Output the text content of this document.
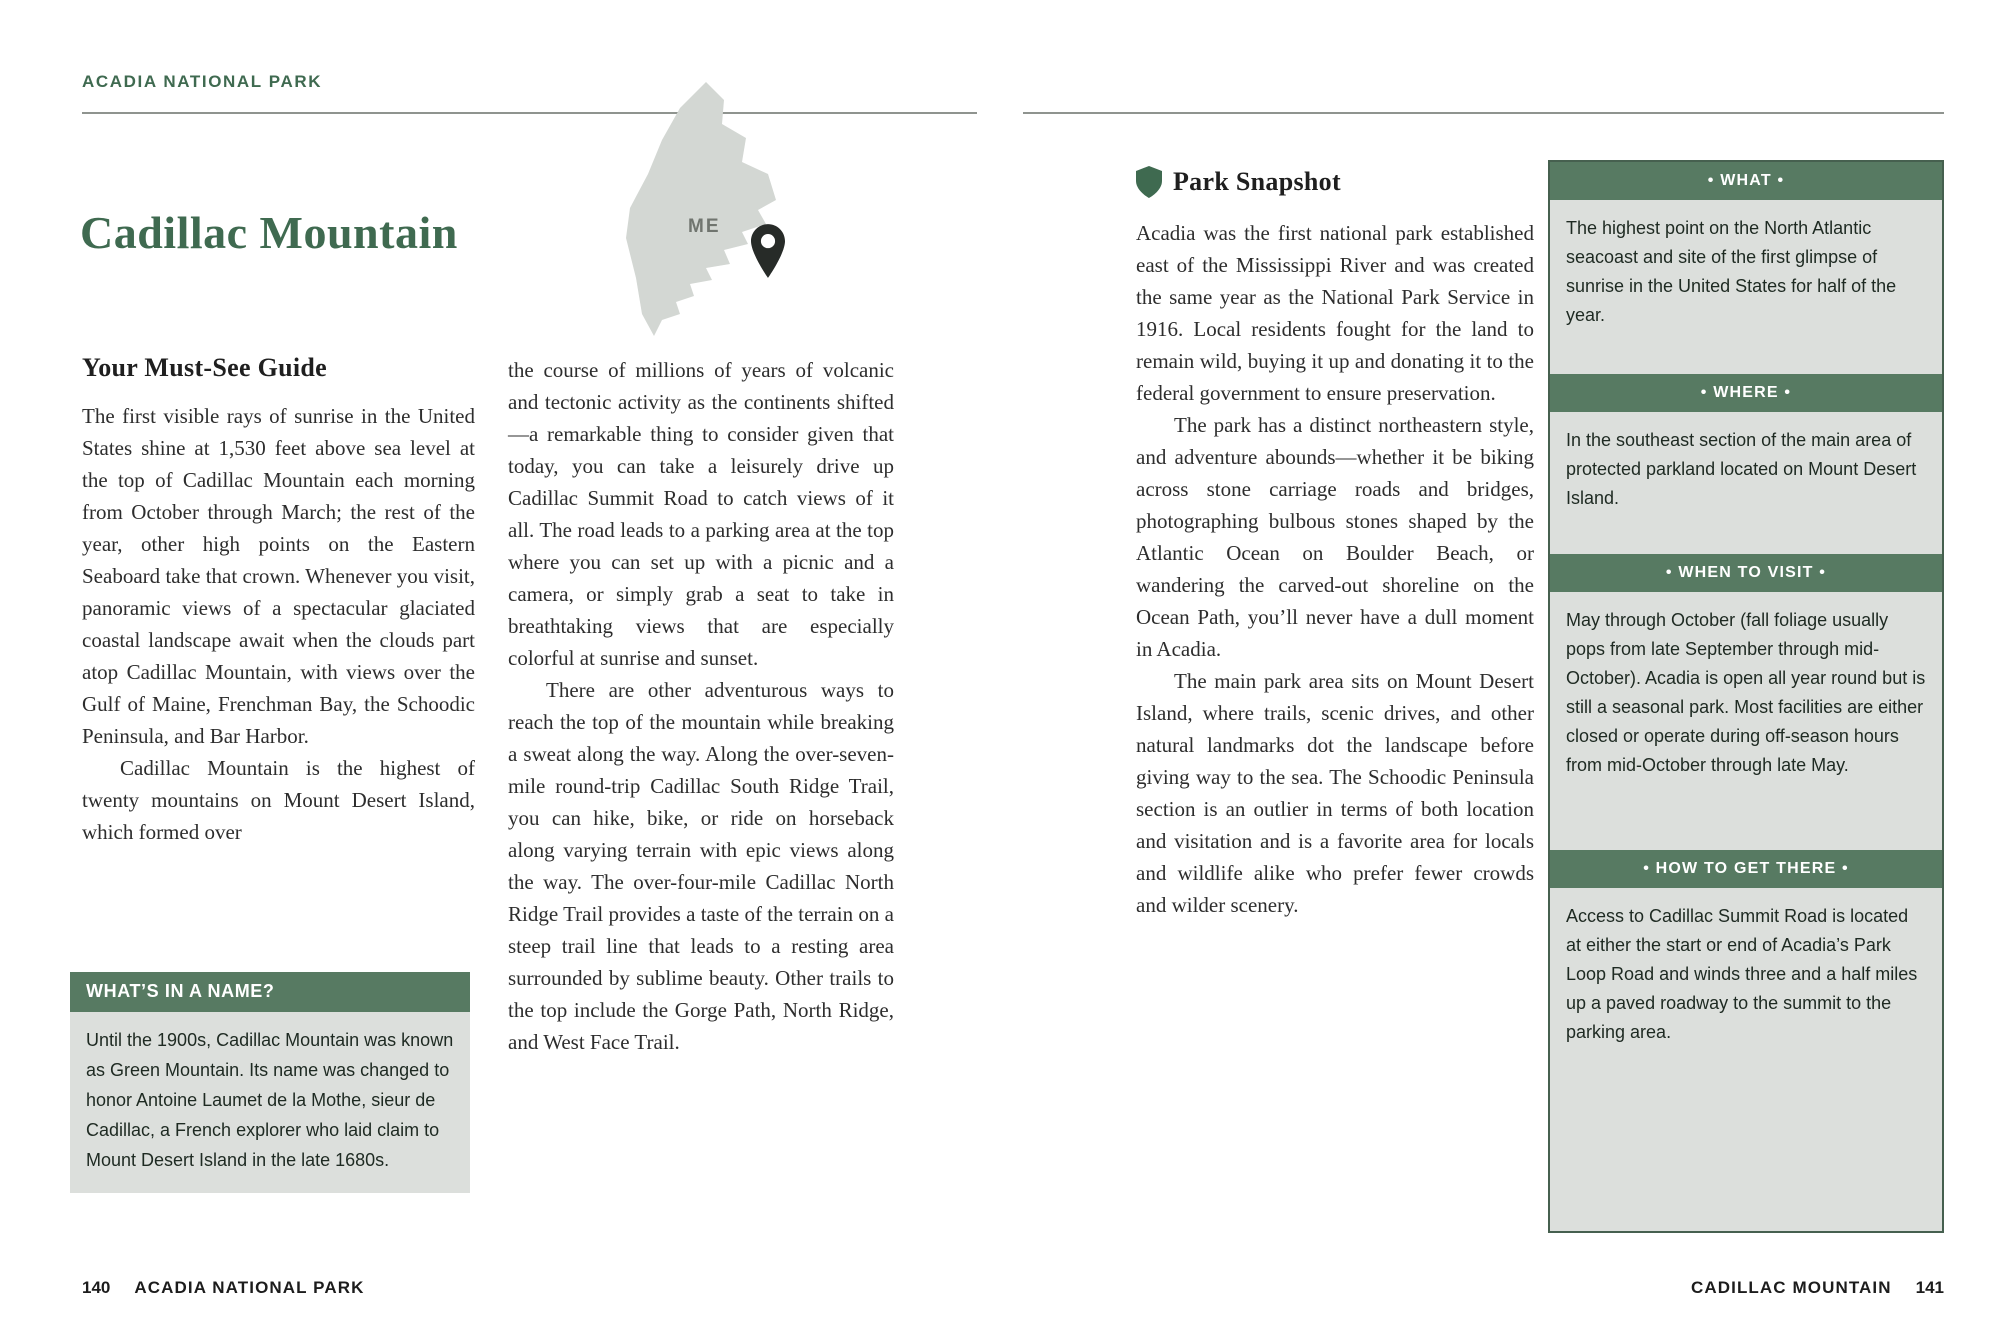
ACADIA NATIONAL PARK
ME
Cadillac Mountain
Your Must-See Guide

The first visible rays of sunrise in the United States shine at 1,530 feet above sea level at the top of Cadillac Mountain each morning from October through March; the rest of the year, other high points on the Eastern Seaboard take that crown. Whenever you visit, panoramic views of a spectacular glaciated coastal landscape await when the clouds part atop Cadillac Mountain, with views over the Gulf of Maine, Frenchman Bay, the Schoodic Peninsula, and Bar Harbor.

Cadillac Mountain is the highest of twenty mountains on Mount Desert Island, which formed over

WHAT’S IN A NAME?
Until the 1900s, Cadillac Mountain was known as Green Mountain. Its name was changed to honor Antoine Laumet de la Mothe, sieur de Cadillac, a French explorer who laid claim to Mount Desert Island in the late 1680s.

the course of millions of years of volcanic and tectonic activity as the continents shifted—a remarkable thing to consider given that today, you can take a leisurely drive up Cadillac Summit Road to catch views of it all. The road leads to a parking area at the top where you can set up with a picnic and a camera, or simply grab a seat to take in breathtaking views that are especially colorful at sunrise and sunset.

There are other adventurous ways to reach the top of the mountain while breaking a sweat along the way. Along the over-seven-mile round-trip Cadillac South Ridge Trail, you can hike, bike, or ride on horseback along varying terrain with epic views along the way. The over-four-mile Cadillac North Ridge Trail provides a taste of the terrain on a steep trail line that leads to a resting area surrounded by sublime beauty. Other trails to the top include the Gorge Path, North Ridge, and West Face Trail.

Park Snapshot

Acadia was the first national park established east of the Mississippi River and was created the same year as the National Park Service in 1916. Local residents fought for the land to remain wild, buying it up and donating it to the federal government to ensure preservation.

The park has a distinct northeastern style, and adventure abounds—whether it be biking across stone carriage roads and bridges, photographing bulbous stones shaped by the Atlantic Ocean on Boulder Beach, or wandering the carved-out shoreline on the Ocean Path, you’ll never have a dull moment in Acadia.

The main park area sits on Mount Desert Island, where trails, scenic drives, and other natural landmarks dot the landscape before giving way to the sea. The Schoodic Peninsula section is an outlier in terms of both location and visitation and is a favorite area for locals and wildlife alike who prefer fewer crowds and wilder scenery.

• WHAT •
The highest point on the North Atlantic seacoast and site of the first glimpse of sunrise in the United States for half of the year.
• WHERE •
In the southeast section of the main area of protected parkland located on Mount Desert Island.
• WHEN TO VISIT •
May through October (fall foliage usually pops from late September through mid-October). Acadia is open all year round but is still a seasonal park. Most facilities are either closed or operate during off-season hours from mid-October through late May.
• HOW TO GET THERE •
Access to Cadillac Summit Road is located at either the start or end of Acadia’s Park Loop Road and winds three and a half miles up a paved roadway to the summit to the parking area.
140 ACADIA NATIONAL PARK	CADILLAC MOUNTAIN 141
